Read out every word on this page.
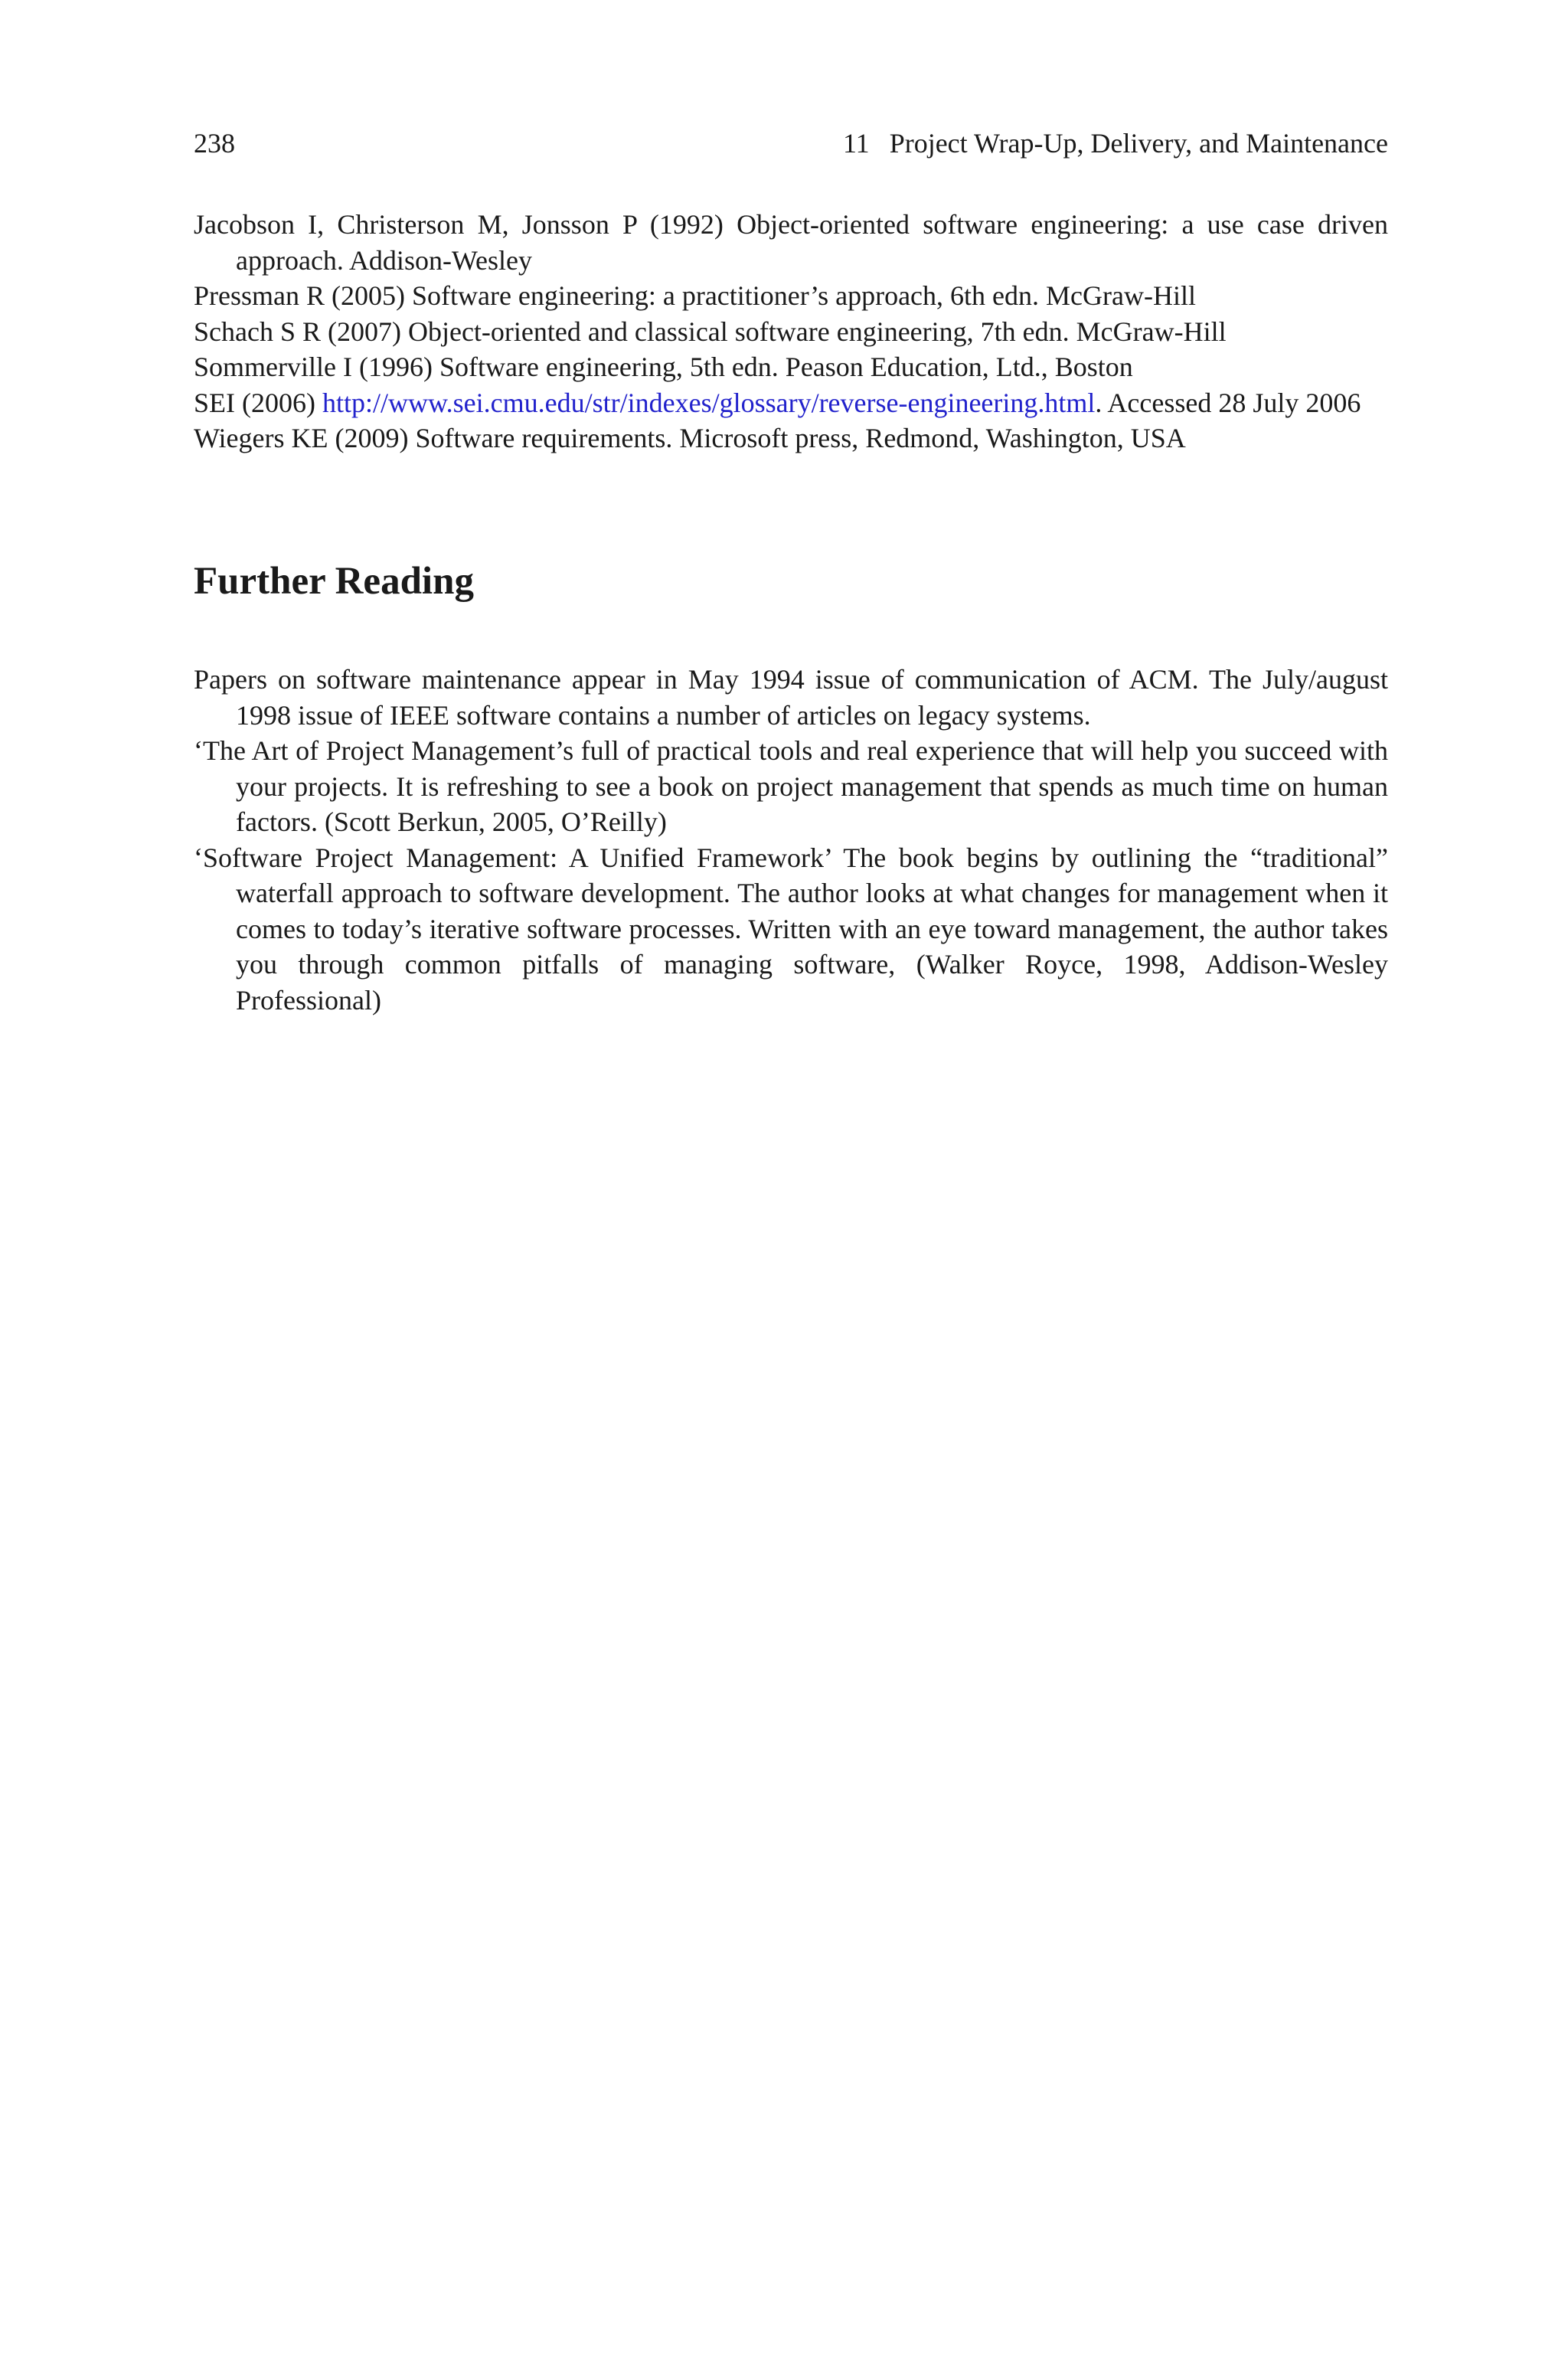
238	11 Project Wrap-Up, Delivery, and Maintenance
Jacobson I, Christerson M, Jonsson P (1992) Object-oriented software engineering: a use case driven approach. Addison-Wesley
Pressman R (2005) Software engineering: a practitioner’s approach, 6th edn. McGraw-Hill
Schach S R (2007) Object-oriented and classical software engineering, 7th edn. McGraw-Hill
Sommerville I (1996) Software engineering, 5th edn. Peason Education, Ltd., Boston
SEI (2006) http://www.sei.cmu.edu/str/indexes/glossary/reverse-engineering.html. Accessed 28 July 2006
Wiegers KE (2009) Software requirements. Microsoft press, Redmond, Washington, USA
Further Reading
Papers on software maintenance appear in May 1994 issue of communication of ACM. The July/august 1998 issue of IEEE software contains a number of articles on legacy systems.
‘The Art of Project Management’s full of practical tools and real experience that will help you succeed with your projects. It is refreshing to see a book on project management that spends as much time on human factors. (Scott Berkun, 2005, O’Reilly)
‘Software Project Management: A Unified Framework’ The book begins by outlining the “traditional” waterfall approach to software development. The author looks at what changes for management when it comes to today’s iterative software processes. Written with an eye toward management, the author takes you through common pitfalls of managing software, (Walker Royce, 1998, Addison-Wesley Professional)
